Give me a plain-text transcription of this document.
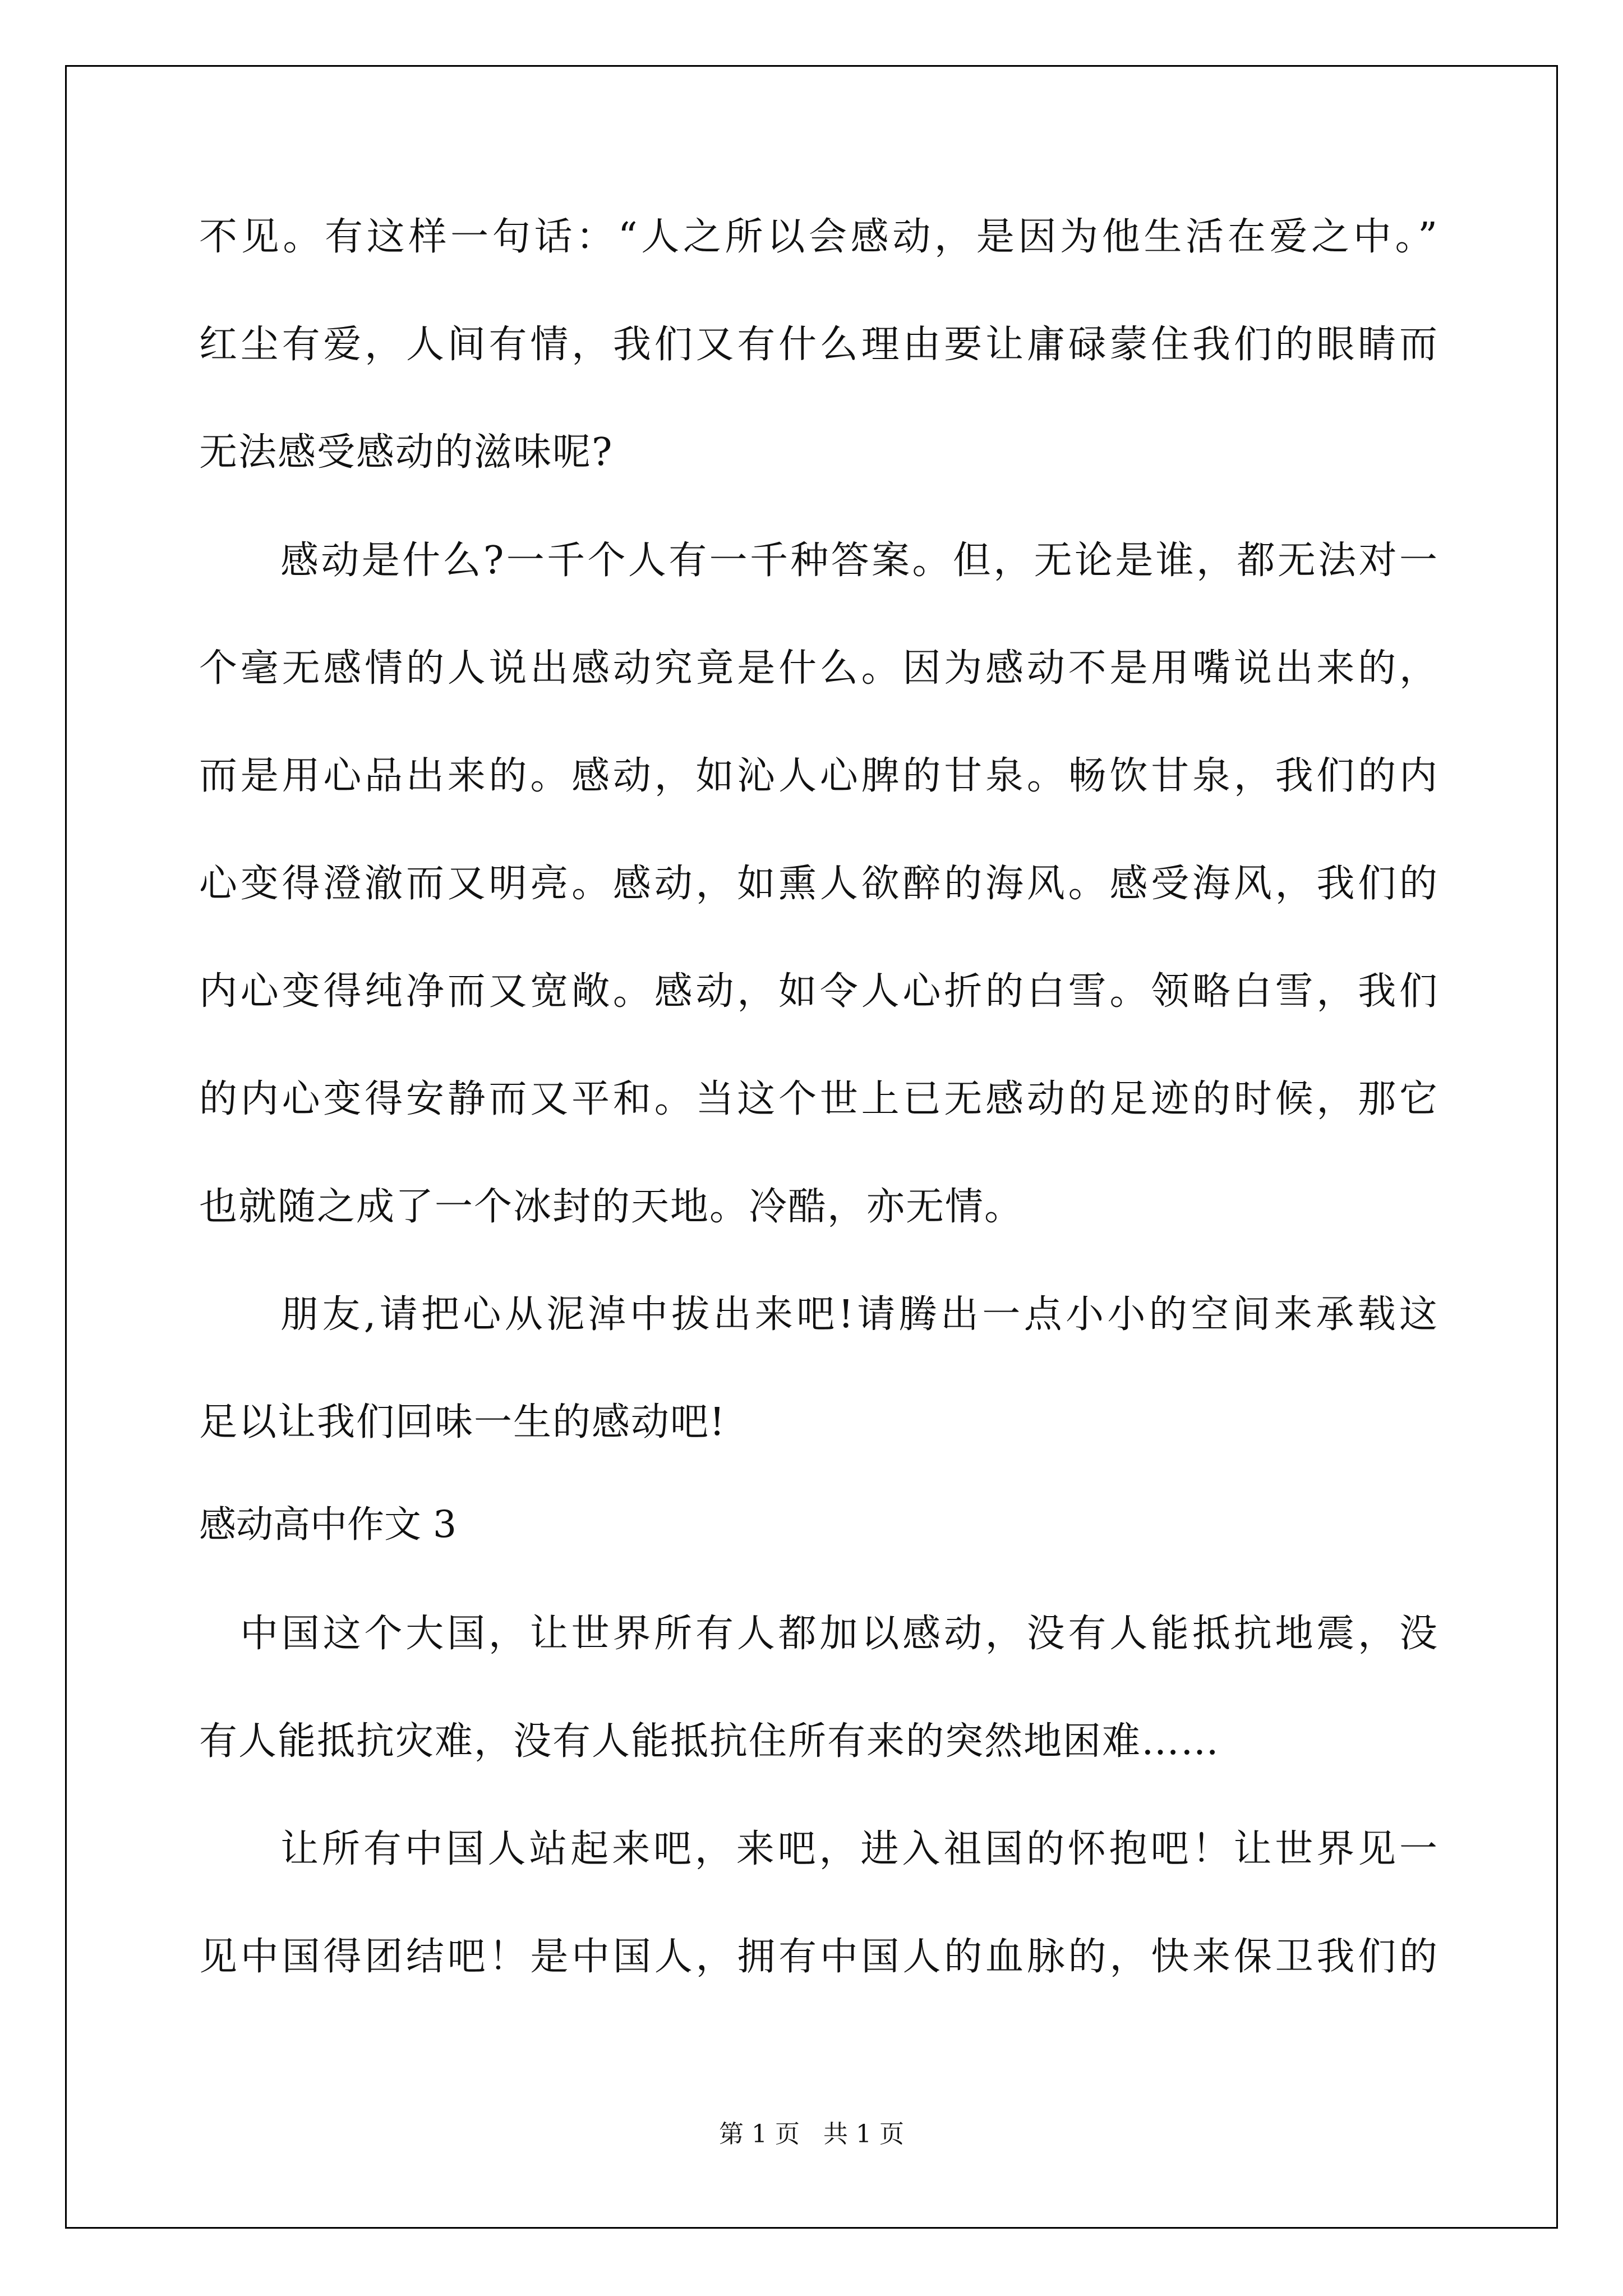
不见。有这样一句话：“人之所以会感动，是因为他生活在爱之中。”
红尘有爱，人间有情，我们又有什么理由要让庸碌蒙住我们的眼睛而
无法感受感动的滋味呢?
感动是什么?一千个人有一千种答案。但，无论是谁，都无法对一
个毫无感情的人说出感动究竟是什么。因为感动不是用嘴说出来的，
而是用心品出来的。感动，如沁人心脾的甘泉。畅饮甘泉，我们的内
心变得澄澈而又明亮。感动，如熏人欲醉的海风。感受海风，我们的
内心变得纯净而又宽敞。感动，如令人心折的白雪。领略白雪，我们
的内心变得安静而又平和。当这个世上已无感动的足迹的时候，那它
也就随之成了一个冰封的天地。冷酷，亦无情。
朋友,请把心从泥淖中拔出来吧!请腾出一点小小的空间来承载这
足以让我们回味一生的感动吧!
感动高中作文 3
中国这个大国，让世界所有人都加以感动，没有人能抵抗地震，没
有人能抵抗灾难，没有人能抵抗住所有来的突然地困难……
让所有中国人站起来吧，来吧，进入祖国的怀抱吧！让世界见一
见中国得团结吧！是中国人，拥有中国人的血脉的，快来保卫我们的
第 1 页   共 1 页
